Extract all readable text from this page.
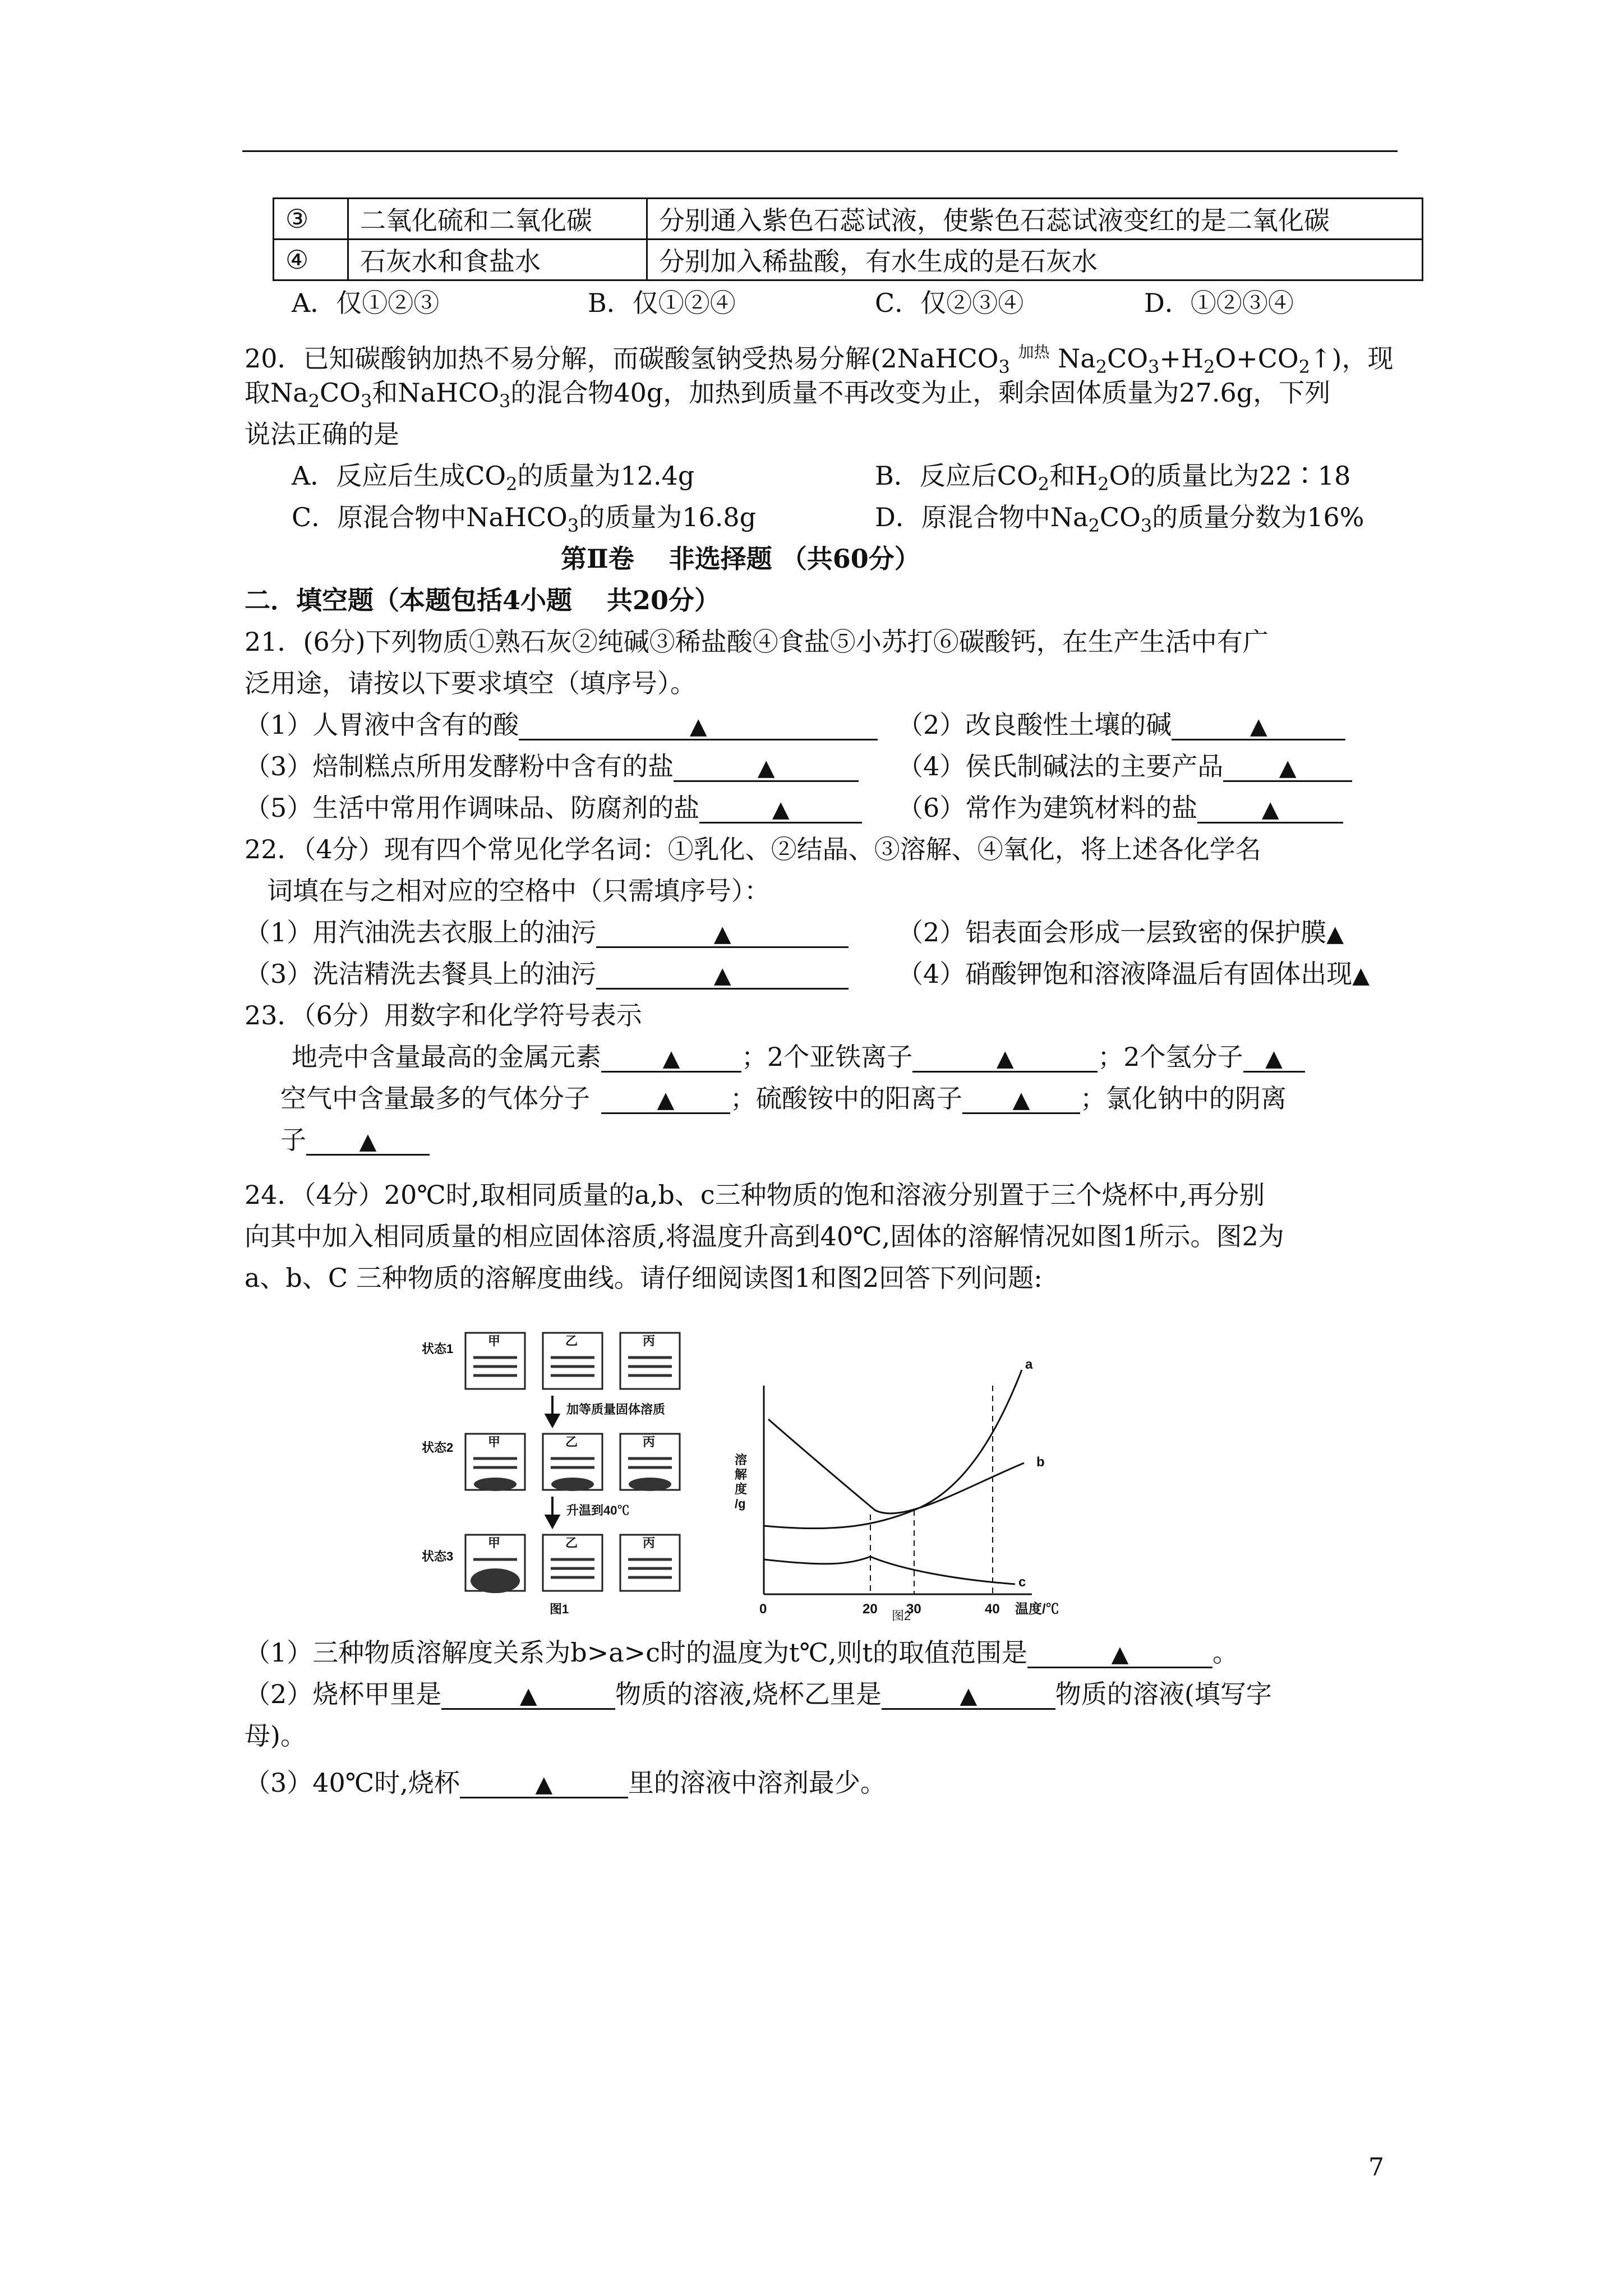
③	二氧化硫和二氧化碳	分别通入紫色石蕊试液，使紫色石蕊试液变红的是二氧化碳
④	石灰水和食盐水	分别加入稀盐酸，有水生成的是石灰水
A．仅①②③	B．仅①②④	C．仅②③④	D．①②③④
20．已知碳酸钠加热不易分解，而碳酸氢钠受热易分解(2NaHCO$_3$ $^{加热}$ $Na_2CO_3+H_2O+CO_2↑$)，现
取$Na_2CO_3$和NaHCO$_3$的混合物40g，加热到质量不再改变为止，剩余固体质量为27.6g，下列
说法正确的是
A．反应后生成$CO_2$的质量为12.4g	B．反应后$CO_2$和$H_2O$的质量比为22∶18
C．原混合物中NaHCO$_3$的质量为16.8g	D．原混合物中$Na_2CO_3$的质量分数为16%
第Ⅱ卷　 非选择题 （共60分）
二．填空题（本题包括4小题　 共20分）
21．(6分)下列物质①熟石灰②纯碱③稀盐酸④食盐⑤小苏打⑥碳酸钙，在生产生活中有广
泛用途，请按以下要求填空（填序号）。
（1）人胃液中含有的酸	▲	（2）改良酸性土壤的碱	▲
（3）焙制糕点所用发酵粉中含有的盐	▲	（4）侯氏制碱法的主要产品 ▲
（5）生活中常用作调味品、防腐剂的盐	▲	（6）常作为建筑材料的盐	▲
22．（4分）现有四个常见化学名词：①乳化、②结晶、③溶解、④氧化，将上述各化学名
词填在与之相对应的空格中（只需填序号）：
（1）用汽油洗去衣服上的油污	▲	（2）铝表面会形成一层致密的保护膜▲
（3）洗洁精洗去餐具上的油污	▲	（4）硝酸钾饱和溶液降温后有固体出现▲
23．（6分）用数字和化学符号表示
地壳中含量最高的金属元素	▲ ；2个亚铁离子	▲	；2个氢分子 ▲
空气中含量最多的气体分子	▲ ；硫酸铵中的阳离子 ▲ ；氯化钠中的阴离
子 ▲
24．（4分）20℃时,取相同质量的a,b、c三种物质的饱和溶液分别置于三个烧杯中,再分别
向其中加入相同质量的相应固体溶质,将温度升高到40℃,固体的溶解情况如图1所示。图2为
a、b、C 三种物质的溶解度曲线。请仔细阅读图1和图2回答下列问题:
状态1
状态2
状态3
甲	乙	丙
甲	乙	丙
甲	乙	丙
加等质量固体溶质
升温到40℃
图1
溶
解
度
/g
a
b
c
0	20 30	40 温度/℃
图2
（1）三种物质溶解度关系为b>a>c时的温度为t℃,则t的取值范围是	▲	。
（2）烧杯甲里是	▲	物质的溶液,烧杯乙里是	▲	物质的溶液(填写字
母)。
（3）40℃时,烧杯	▲	里的溶液中溶剂最少。
7
